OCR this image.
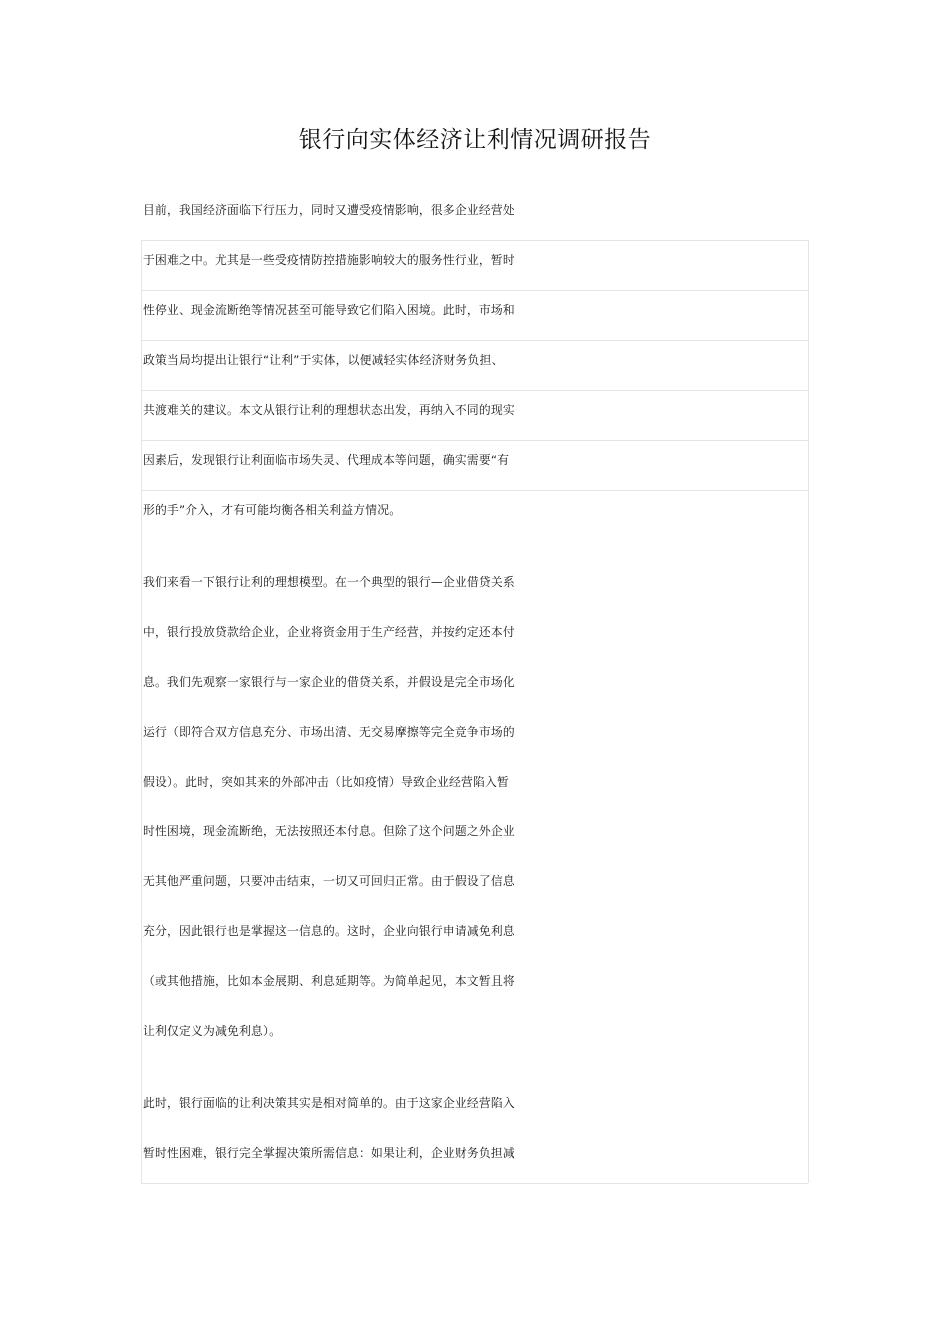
银行向实体经济让利情况调研报告
目前，我国经济面临下行压力，同时又遭受疫情影响，很多企业经营处
于困难之中。尤其是一些受疫情防控措施影响较大的服务性行业，暂时
性停业、现金流断绝等情况甚至可能导致它们陷入困境。此时，市场和
政策当局均提出让银行“让利”于实体，以便减轻实体经济财务负担、
共渡难关的建议。本文从银行让利的理想状态出发，再纳入不同的现实
因素后，发现银行让利面临市场失灵、代理成本等问题，确实需要“有
形的手”介入，才有可能均衡各相关利益方情况。
我们来看一下银行让利的理想模型。在一个典型的银行—企业借贷关系
中，银行投放贷款给企业，企业将资金用于生产经营，并按约定还本付
息。我们先观察一家银行与一家企业的借贷关系，并假设是完全市场化
运行（即符合双方信息充分、市场出清、无交易摩擦等完全竞争市场的
假设）。此时，突如其来的外部冲击（比如疫情）导致企业经营陷入暂
时性困境，现金流断绝，无法按照还本付息。但除了这个问题之外企业
无其他严重问题，只要冲击结束，一切又可回归正常。由于假设了信息
充分，因此银行也是掌握这一信息的。这时，企业向银行申请减免利息
（或其他措施，比如本金展期、利息延期等。为简单起见，本文暂且将
让利仅定义为减免利息）。
此时，银行面临的让利决策其实是相对简单的。由于这家企业经营陷入
暂时性困难，银行完全掌握决策所需信息：如果让利，企业财务负担减
